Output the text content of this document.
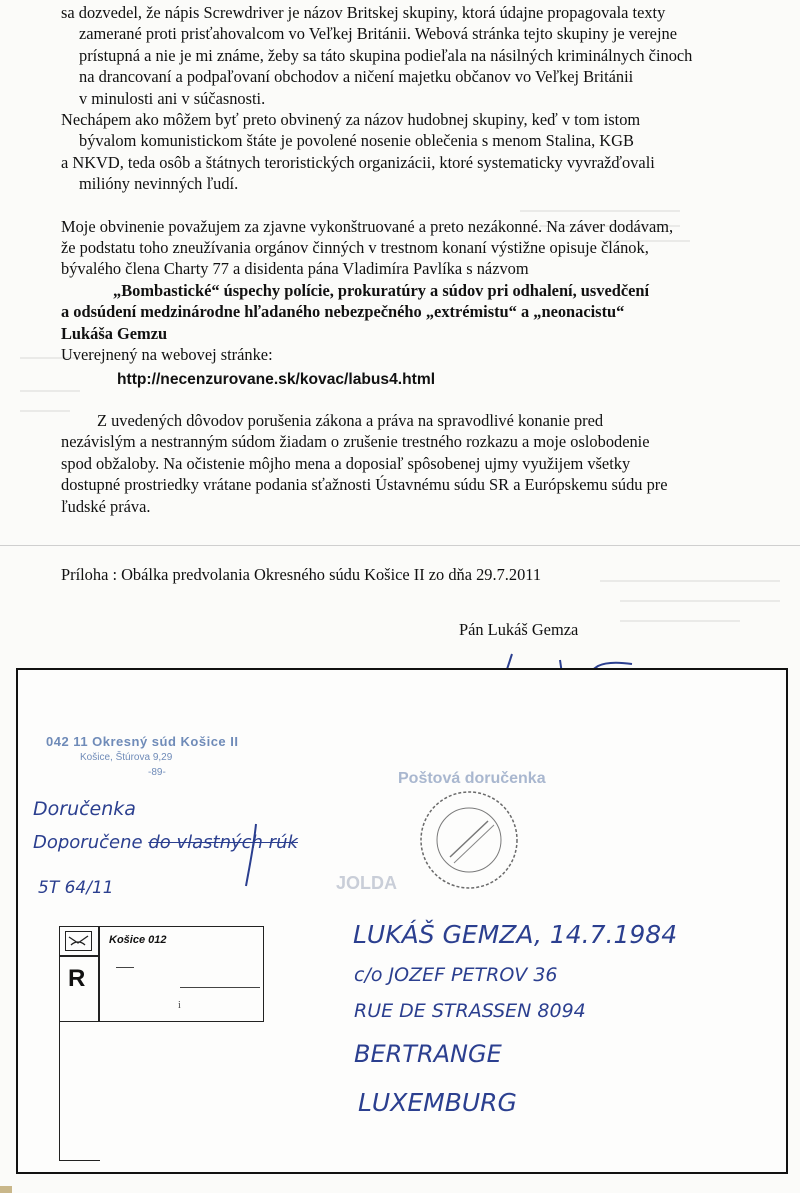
sa dozvedel, že nápis Screwdriver je názov Britskej skupiny, ktorá údajne propagovala texty
zamerané proti prisťahovalcom vo Veľkej Británii. Webová stránka tejto skupiny je verejne
prístupná a nie je mi známe, žeby sa táto skupina podieľala na násilných kriminálnych činoch
na drancovaní a podpaľovaní obchodov a ničení majetku občanov vo Veľkej Británii
v minulosti ani v súčasnosti.
Nechápem ako môžem byť preto obvinený za názov hudobnej skupiny, keď v tom istom
bývalom komunistickom štáte je povolené nosenie oblečenia s menom Stalina, KGB
a NKVD, teda osôb a štátnych teroristických organizácii, ktoré systematicky vyvražďovali
milióny nevinných ľudí.
Moje obvinenie považujem za zjavne vykonštruované a preto nezákonné. Na záver dodávam,
že podstatu toho zneužívania orgánov činných v trestnom konaní výstižne opisuje článok,
bývalého člena Charty 77 a disidenta pána Vladimíra Pavlíka s názvom
„Bombastické“ úspechy polície, prokuratúry a súdov pri odhalení, usvedčení
a odsúdení medzinárodne hľadaného nebezpečného „extrémistu“ a „neonacistu“
Lukáša Gemzu
Uverejnený na webovej stránke:
http://necenzurovane.sk/kovac/labus4.html
Z uvedených dôvodov porušenia zákona a práva na spravodlivé konanie pred
nezávislým a nestranným súdom žiadam o zrušenie trestného rozkazu a moje oslobodenie
spod obžaloby. Na očistenie môjho mena a doposiaľ spôsobenej ujmy využijem všetky
dostupné prostriedky vrátane podania sťažnosti Ústavnému súdu SR a Európskemu súdu pre
ľudské práva.
Príloha : Obálka predvolania Okresného súdu Košice II zo dňa 29.7.2011
Pán Lukáš Gemza
042 11 Okresný súd Košice II
Košice, Štúrova 9,29
-89-	Poštová doručenka
JOLDA
Doručenka
Doporučene do vlastných rúk
5T 64/11
R
Košice 012
i
LUKÁŠ GEMZA, 14.7.1984
c/o JOZEF PETROV 36
RUE DE STRASSEN 8094
BERTRANGE
LUXEMBURG
